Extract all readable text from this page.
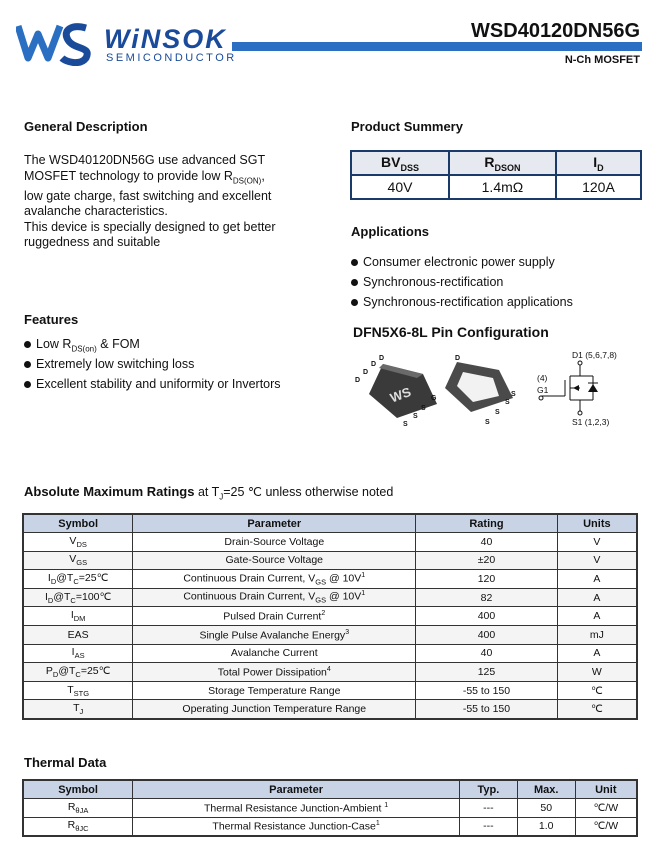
WiNSOK
SEMICONDUCTOR
WSD40120DN56G
N-Ch MOSFET
General Description
The WSD40120DN56G use advanced SGT
MOSFET technology to provide low $R_{DS(ON)}$,
low gate charge, fast switching and excellent
avalanche characteristics.
This device is specially designed to get better
ruggedness and suitable
Product Summery
$BV_{DSS}$	$R_{DSON}$	$I_D$
40V	1.4mΩ	120A
Applications
Consumer electronic power supply
Synchronous-rectification
Synchronous-rectification applications
Features
Low $R_{DS(on)}$ & FOM
Extremely low switching loss
Excellent stability and uniformity or Invertors
DFN5X6-8L Pin Configuration
WS
D
D
D
D
S
S
S
G
D
S
S
S
S
D1 (5,6,7,8)
(4)
G1
S1 (1,2,3)
Absolute Maximum Ratings at $T_J=25$ ℃ unless otherwise noted
Symbol	Parameter	Rating	Units
$V_{DS}$	Drain-Source Voltage	40	V
$V_{GS}$	Gate-Source Voltage	±20	V
$I_D@T_C=25℃$	Continuous Drain Current, $V_{GS}$ @ $10V^1$	120	A
$I_D@T_C=100℃$	Continuous Drain Current, $V_{GS}$ @ $10V^1$	82	A
$I_{DM}$	Pulsed Drain Current$^2$	400	A
EAS	Single Pulse Avalanche Energy$^3$	400	mJ
$I_{AS}$	Avalanche Current	40	A
$P_D@T_C=25℃$	Total Power Dissipation$^4$	125	W
$T_{STG}$	Storage Temperature Range	-55 to 150	℃
$T_J$	Operating Junction Temperature Range	-55 to 150	℃
Thermal Data
Symbol	Parameter	Typ.	Max.	Unit
$R_{\theta JA}$	Thermal Resistance Junction-Ambient $^1$	---	50	℃/W
$R_{\theta JC}$	Thermal Resistance Junction-Case$^1$	---	1.0	℃/W
